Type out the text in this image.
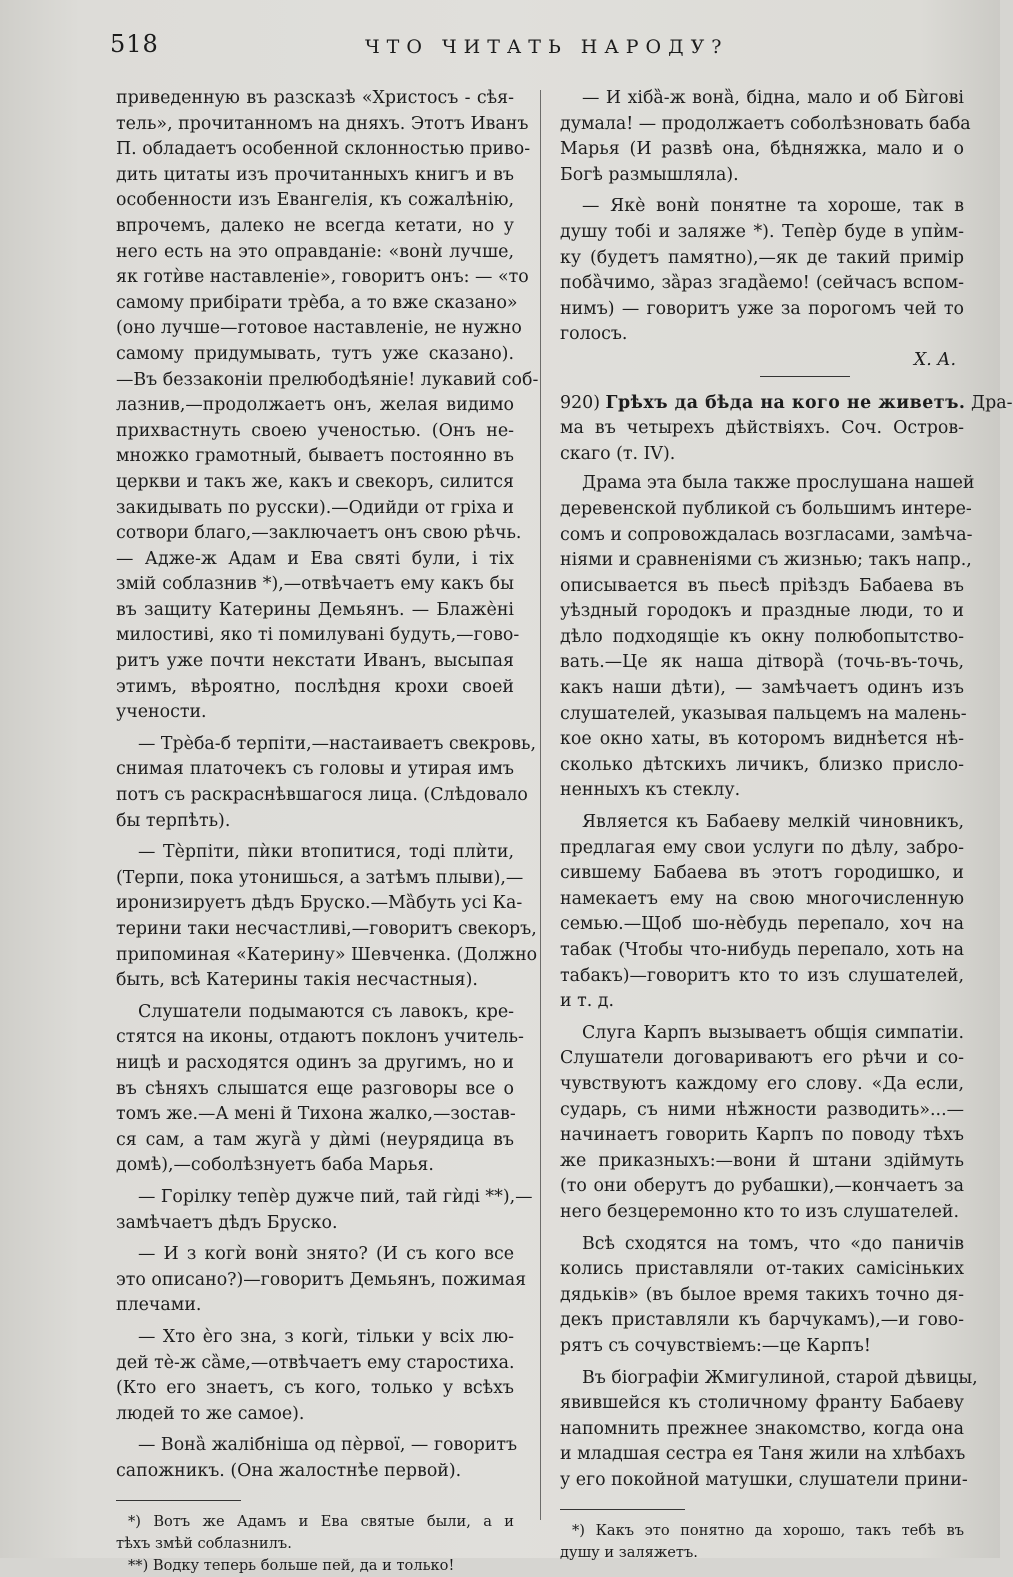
518	ЧТО ЧИТАТЬ НАРОДУ?

приведенную въ разсказѣ «Христосъ - сѣя-
тель», прочитанномъ на дняхъ. Этотъ Иванъ
П. обладаетъ особенной склонностью приво-
дить цитаты изъ прочитанныхъ книгъ и въ
особенности изъ Евангелія, къ сожалѣнію,
впрочемъ, далеко не всегда кетати, но у
него есть на это оправданіе: «вонѝ лучше,
як готѝве наставленіе», говоритъ онъ: — «то
самому прибірати трѐба, а то вже сказано»
(оно лучше—готовое наставленіе, не нужно
самому придумывать, тутъ уже сказано).
—Въ беззаконіи прелюбодѣяніе! лукавий соб-
лазнив,—продолжаетъ онъ, желая видимо
прихвастнуть своею ученостью. (Онъ не-
множко грамотный, бываетъ постоянно въ
церкви и такъ же, какъ и свекоръ, силится
закидывать по русски).—Одийди от гріха и
сотвори благо,—заключаетъ онъ свою рѣчь.
— Адже-ж Адам и Ева святі були, і тіх
змій соблазнив *),—отвѣчаетъ ему какъ бы
въ защиту Катерины Демьянъ. — Блажѐні
милостиві, яко ті помилувані будуть,—гово-
ритъ уже почти некстати Иванъ, высыпая
этимъ, вѣроятно, послѣдня крохи своей
учености.

— Трѐба-б терпіти,—настаиваетъ свекровь,
снимая платочекъ съ головы и утирая имъ
потъ съ раскраснѣвшагося лица. (Слѣдовало
бы терпѣть).

— Тѐрпіти, пѝки втопитися, тоді плѝти,
(Терпи, пока утонишься, а затѣмъ плыви),—
иронизируетъ дѣдъ Бруско.—Мȁбуть усі Ка-
терини таки несчастливі,—говоритъ свекоръ,
припоминая «Катерину» Шевченка. (Должно
быть, всѣ Катерины такія несчастныя).

Слушатели подымаются съ лавокъ, кре-
стятся на иконы, отдаютъ поклонъ учитель-
ницѣ и расходятся одинъ за другимъ, но и
въ сѣняхъ слышатся еще разговоры все о
томъ же.—А мені й Тихона жалко,—зостав-
ся сам, а там жугȁ у дѝмі (неурядица въ
домѣ),—соболѣзнуетъ баба Марья.

— Горілку тепѐр дужче пий, тай гѝді **),—
замѣчаетъ дѣдъ Бруско.

— И з когѝ вонѝ знято? (И съ кого все
это описано?)—говоритъ Демьянъ, пожимая
плечами.

— Хто ѐго зна, з когѝ, тільки у всіх лю-
дей тѐ-ж сȁме,—отвѣчаетъ ему старостиха.
(Кто его знаетъ, съ кого, только у всѣхъ
людей то же самое).

— Вонȁ жалібніша од пѐрвої, — говоритъ
сапожникъ. (Она жалостнѣе первой).

*) Вотъ же Адамъ и Ева святые были, а и
тѣхъ змѣй соблазнилъ.
**) Водку теперь больше пей, да и только!

— И хібȁ-ж вонȁ, бідна, мало и об Бѝгові
думала! — продолжаетъ соболѣзновать баба
Марья (И развѣ она, бѣдняжка, мало и о
Богѣ размышляла).

— Якѐ вонѝ понятне та хороше, так в
душу тобі и заляже *). Тепѐр буде в упѝм-
ку (будетъ памятно),—як де такий примір
побȁчимо, зȁраз згадȁемо! (сейчасъ вспом-
нимъ) — говоритъ уже за порогомъ чей то
голосъ.

Х. А.

920) Грѣхъ да бѣда на кого не живетъ. Дра-
ма въ четырехъ дѣйствіяхъ. Соч. Остров-
скаго (т. IV).

Драма эта была также прослушана нашей
деревенской публикой съ большимъ интере-
сомъ и сопровождалась возгласами, замѣча-
ніями и сравненіями съ жизнью; такъ напр.,
описывается въ пьесѣ пріѣздъ Бабаева въ
уѣздный городокъ и праздные люди, то и
дѣло подходящіе къ окну полюбопытство-
вать.—Це як наша дітворȁ (точь-въ-точь,
какъ наши дѣти), — замѣчаетъ одинъ изъ
слушателей, указывая пальцемъ на малень-
кое окно хаты, въ которомъ виднѣется нѣ-
сколько дѣтскихъ личикъ, близко прислo-
ненныхъ къ стеклу.

Является къ Бабаеву мелкій чиновникъ,
предлагая ему свои услуги по дѣлу, забро-
сившему Бабаева въ этотъ городишко, и
намекаетъ ему на свою многочисленную
семью.—Щоб шо-нѐбудь перепало, хоч на
табак (Чтобы что-нибудь перепало, хоть на
табакъ)—говоритъ кто то изъ слушателей,
и т. д.

Слуга Карпъ вызываетъ общія симпатіи.
Слушатели договариваютъ его рѣчи и со-
чувствуютъ каждому его слову. «Да если,
сударь, съ ними нѣжности разводить»...—
начинаетъ говорить Карпъ по поводу тѣхъ
же приказныхъ:—вони й штани здіймуть
(то они оберутъ до рубашки),—кончаетъ за
него безцеремонно кто то изъ слушателей.

Всѣ сходятся на томъ, что «до паничів
колись приставляли от-таких самісіньких
дядьків» (въ былое время такихъ точно дя-
декъ приставляли къ барчукамъ),—и гово-
рятъ съ сочувствіемъ:—це Карпъ!

Въ біографіи Жмигулиной, старой дѣвицы,
явившейся къ столичному франту Бабаеву
напомнить прежнее знакомство, когда она
и младшая сестра ея Таня жили на хлѣбахъ
у его покойной матушки, слушатели прини-

*) Какъ это понятно да хорошо, такъ тебѣ въ
душу и заляжетъ.
